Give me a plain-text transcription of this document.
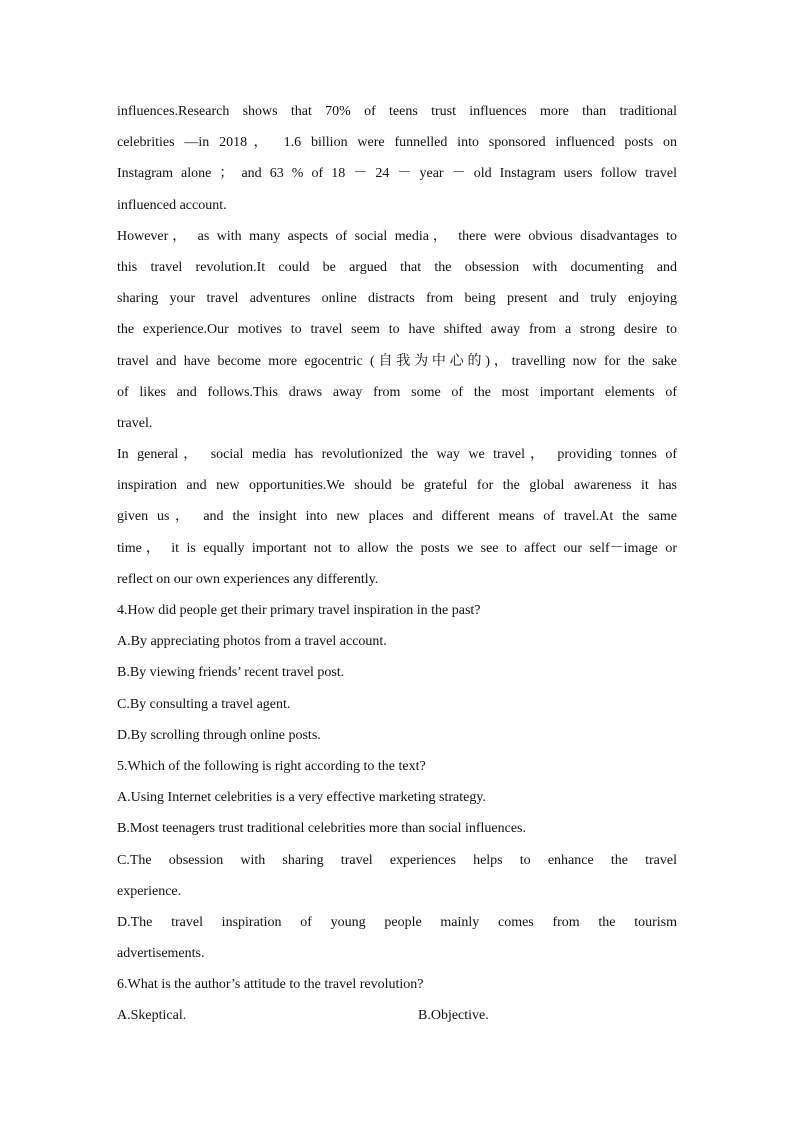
influences.Research shows that 70% of teens trust influences more than traditional
celebrities —in 2018， 1.6 billion were funnelled into sponsored influenced posts on
Instagram alone ； and 63 % of 18 － 24 － year － old Instagram users follow travel
influenced account.
However， as with many aspects of social media， there were obvious disadvantages to
this travel revolution.It could be argued that the obsession with documenting and
sharing your travel adventures online distracts from being present and truly enjoying
the experience.Our motives to travel seem to have shifted away from a strong desire to
travel and have become more egocentric (自我为中心的)，travelling now for the sake
of likes and follows.This draws away from some of the most important elements of
travel.
In general， social media has revolutionized the way we travel， providing tonnes of
inspiration and new opportunities.We should be grateful for the global awareness it has
given us， and the insight into new places and different means of travel.At the same
time， it is equally important not to allow the posts we see to affect our self－image or
reflect on our own experiences any differently.
4.How did people get their primary travel inspiration in the past?
A.By appreciating photos from a travel account.
B.By viewing friends’ recent travel post.
C.By consulting a travel agent.
D.By scrolling through online posts.
5.Which of the following is right according to the text?
A.Using Internet celebrities is a very effective marketing strategy.
B.Most teenagers trust traditional celebrities more than social influences.
C.The obsession with sharing travel experiences helps to enhance the travel
experience.
D.The travel inspiration of young people mainly comes from the tourism
advertisements.
6.What is the author’s attitude to the travel revolution?
A.Skeptical.	B.Objective.
